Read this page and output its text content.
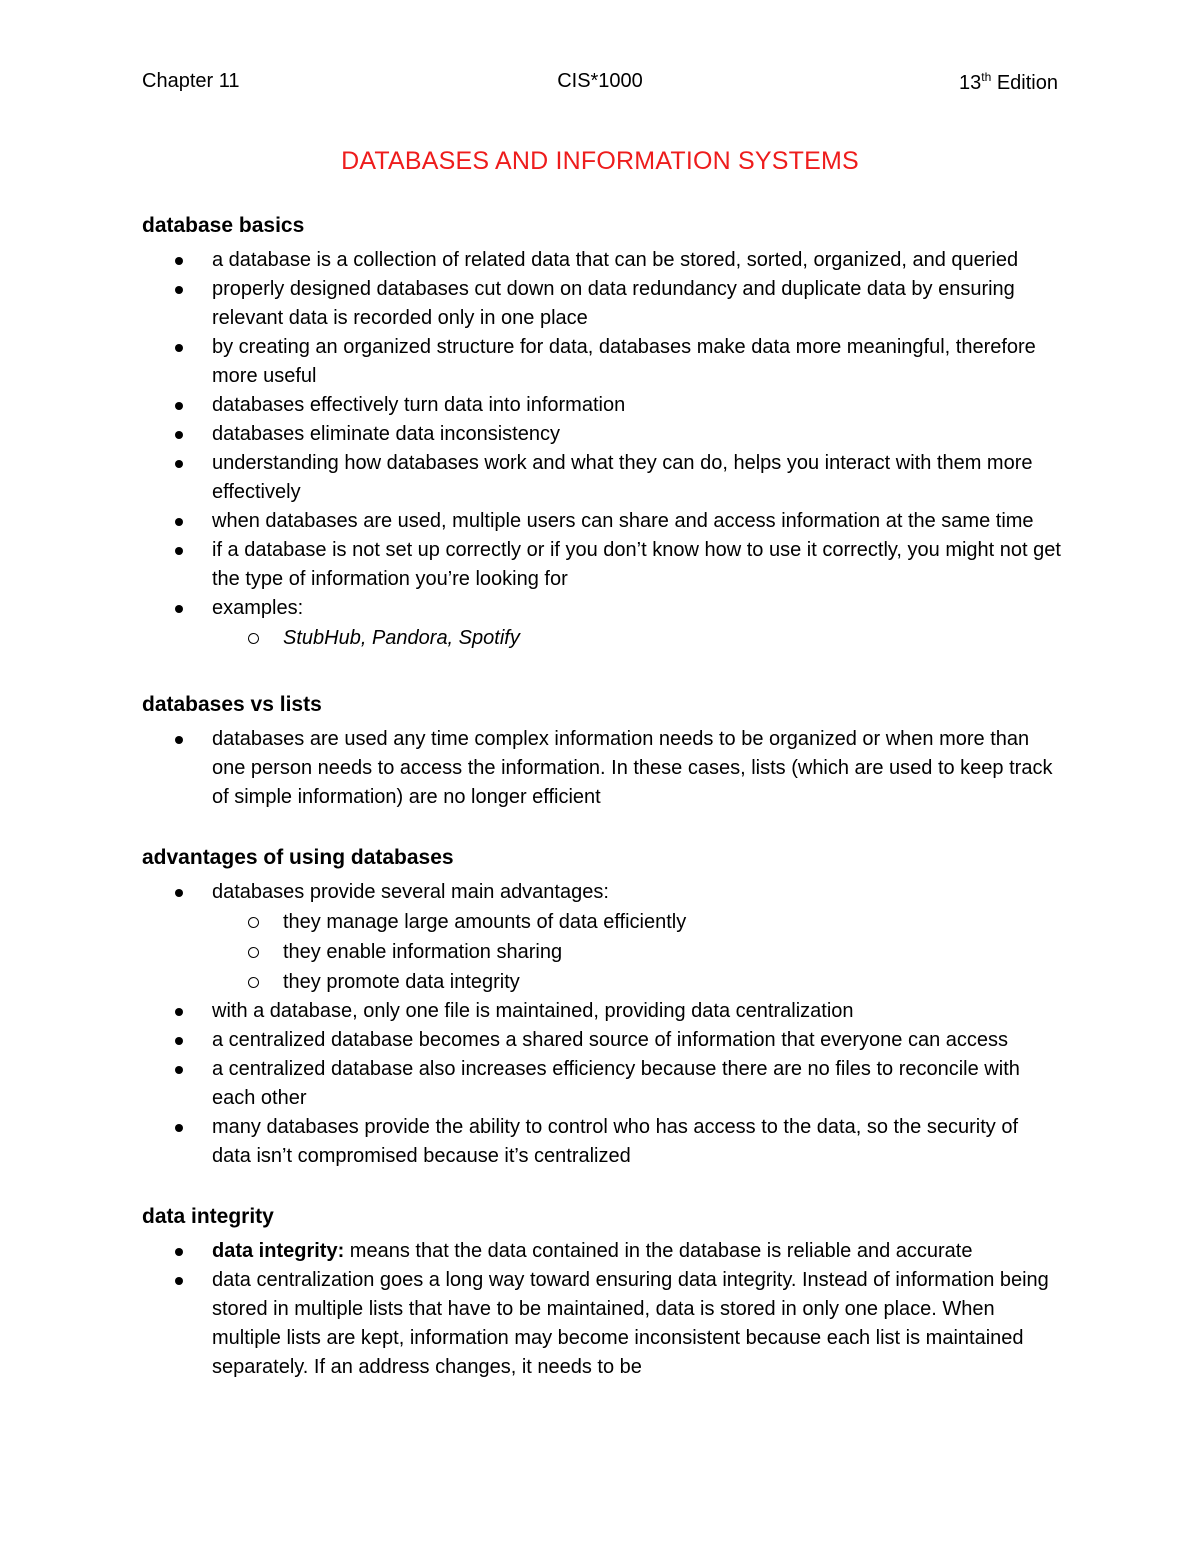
Chapter 11	CIS*1000	13th Edition
DATABASES AND INFORMATION SYSTEMS
database basics
a database is a collection of related data that can be stored, sorted, organized, and queried
properly designed databases cut down on data redundancy and duplicate data by ensuring relevant data is recorded only in one place
by creating an organized structure for data, databases make data more meaningful, therefore more useful
databases effectively turn data into information
databases eliminate data inconsistency
understanding how databases work and what they can do, helps you interact with them more effectively
when databases are used, multiple users can share and access information at the same time
if a database is not set up correctly or if you don’t know how to use it correctly, you might not get the type of information you’re looking for
examples:
StubHub, Pandora, Spotify
databases vs lists
databases are used any time complex information needs to be organized or when more than one person needs to access the information. In these cases, lists (which are used to keep track of simple information) are no longer efficient
advantages of using databases
databases provide several main advantages:
they manage large amounts of data efficiently
they enable information sharing
they promote data integrity
with a database, only one file is maintained, providing data centralization
a centralized database becomes a shared source of information that everyone can access
a centralized database also increases efficiency because there are no files to reconcile with each other
many databases provide the ability to control who has access to the data, so the security of data isn’t compromised because it’s centralized
data integrity
data integrity: means that the data contained in the database is reliable and accurate
data centralization goes a long way toward ensuring data integrity. Instead of information being stored in multiple lists that have to be maintained, data is stored in only one place. When multiple lists are kept, information may become inconsistent because each list is maintained separately. If an address changes, it needs to be
